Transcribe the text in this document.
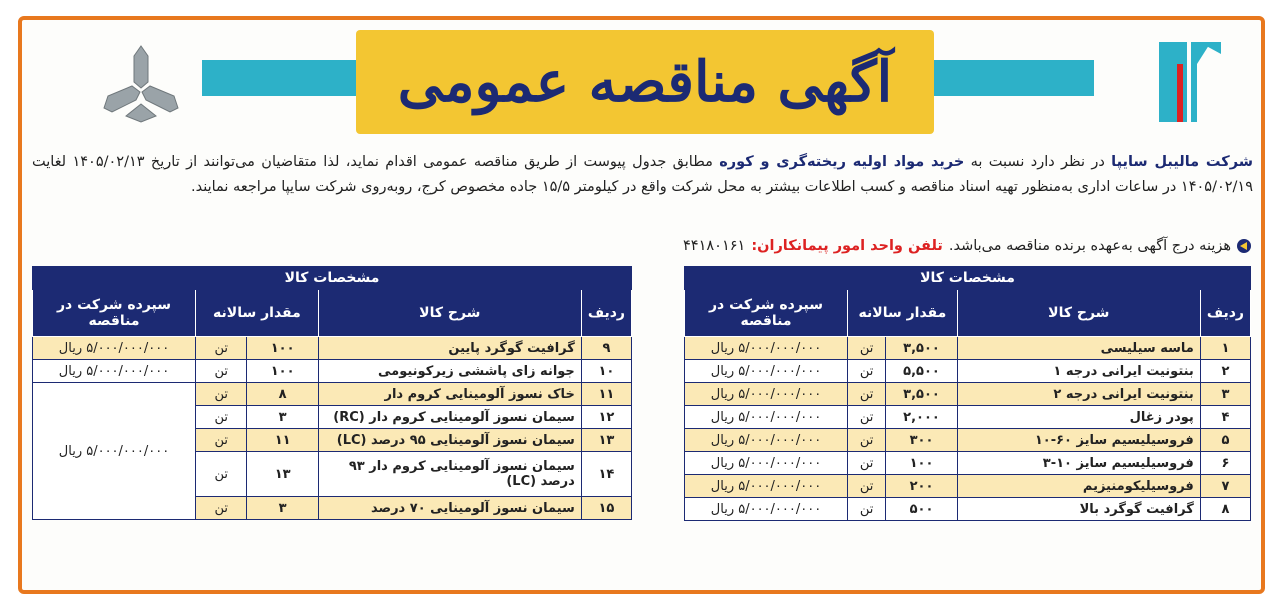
آگهی مناقصه عمومی
شرکت مالیبل سایپا در نظر دارد نسبت به خرید مواد اولیه ریخته‌گری و کوره مطابق جدول پیوست از طریق مناقصه عمومی اقدام نماید، لذا متقاضیان می‌توانند از تاریخ ۱۴۰۵/۰۲/۱۳ لغایت ۱۴۰۵/۰۲/۱۹ در ساعات اداری به‌منظور تهیه اسناد مناقصه و کسب اطلاعات بیشتر به محل شرکت واقع در کیلومتر ۱۵/۵ جاده مخصوص کرج، روبه‌روی شرکت سایپا مراجعه نمایند.
هزینه درج آگهی به‌عهده برنده مناقصه می‌باشد.
تلفن واحد امور پیمانکاران:
۴۴۱۸۰۱۶۱
مشخصات کالا				
ردیف	شرح کالا	مقدار سالانه		سپرده شرکت در مناقصه
۱	ماسه سیلیسی	۳,۵۰۰	تن	۵/۰۰۰/۰۰۰/۰۰۰ ریال
۲	بنتونیت ایرانی درجه ۱	۵,۵۰۰	تن	۵/۰۰۰/۰۰۰/۰۰۰ ریال
۳	بنتونیت ایرانی درجه ۲	۳,۵۰۰	تن	۵/۰۰۰/۰۰۰/۰۰۰ ریال
۴	پودر زغال	۲,۰۰۰	تن	۵/۰۰۰/۰۰۰/۰۰۰ ریال
۵	فروسیلیسیم سایز ۶۰-۱۰	۳۰۰	تن	۵/۰۰۰/۰۰۰/۰۰۰ ریال
۶	فروسیلیسیم سایز ۱۰-۳	۱۰۰	تن	۵/۰۰۰/۰۰۰/۰۰۰ ریال
۷	فروسیلیکومنیزیم	۲۰۰	تن	۵/۰۰۰/۰۰۰/۰۰۰ ریال
۸	گرافیت گوگرد بالا	۵۰۰	تن	۵/۰۰۰/۰۰۰/۰۰۰ ریال
مشخصات کالا				
ردیف	شرح کالا	مقدار سالانه		سپرده شرکت در مناقصه
۹	گرافیت گوگرد پایین	۱۰۰	تن	۵/۰۰۰/۰۰۰/۰۰۰ ریال
۱۰	جوانه زای پاششی زیرکونیومی	۱۰۰	تن	۵/۰۰۰/۰۰۰/۰۰۰ ریال
۱۱	خاک نسوز آلومینایی کروم دار	۸	تن	۵/۰۰۰/۰۰۰/۰۰۰ ریال
۱۲	سیمان نسوز آلومینایی کروم دار (RC)	۳	تن	
۱۳	سیمان نسوز آلومینایی ۹۵ درصد (LC)	۱۱	تن	
۱۴	سیمان نسوز آلومینایی کروم دار ۹۳ درصد (LC)	۱۳	تن	
۱۵	سیمان نسوز آلومینایی ۷۰ درصد	۳	تن	
